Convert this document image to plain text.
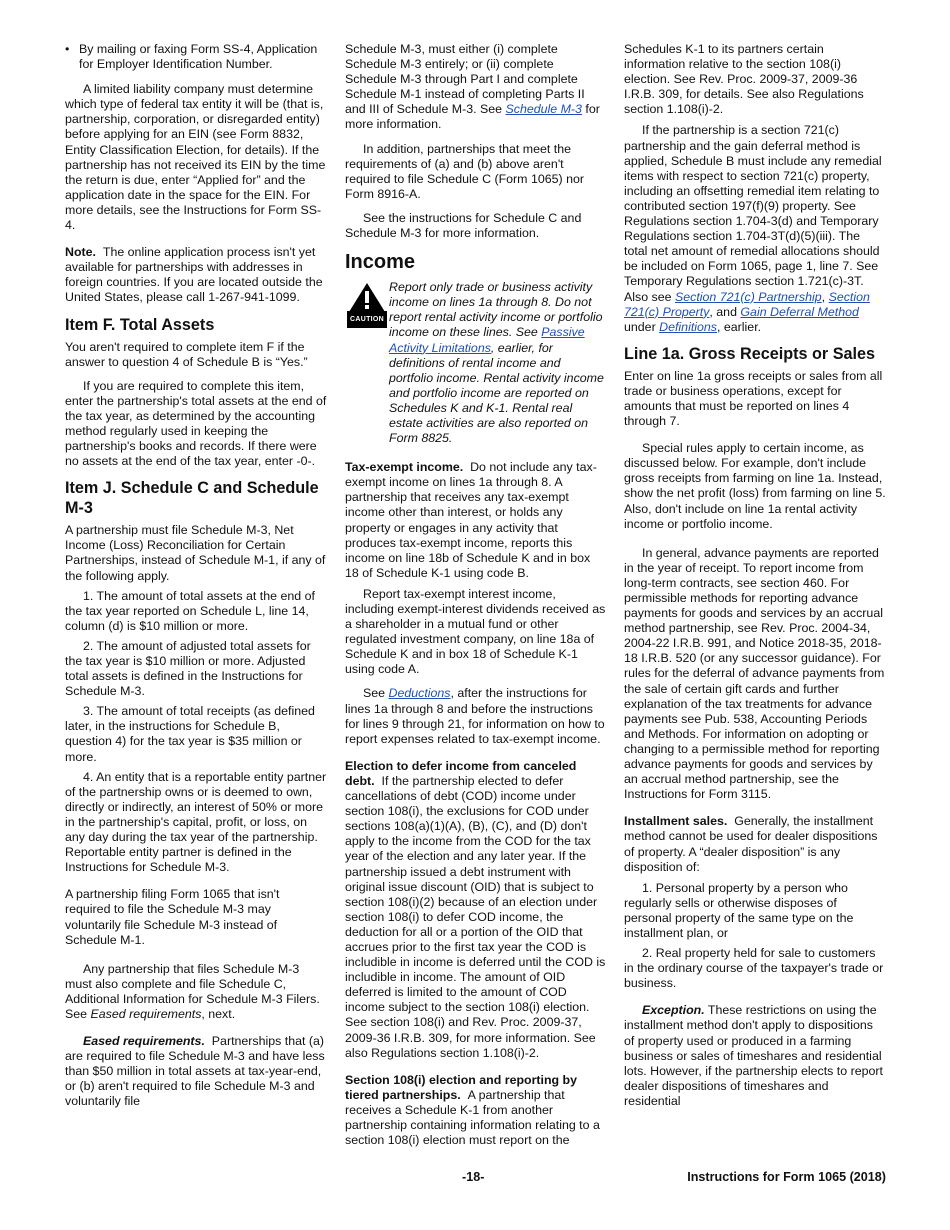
• By mailing or faxing Form SS-4, Application for Employer Identification Number.

A limited liability company must determine which type of federal tax entity it will be (that is, partnership, corporation, or disregarded entity) before applying for an EIN (see Form 8832, Entity Classification Election, for details). If the partnership has not received its EIN by the time the return is due, enter “Applied for” and the application date in the space for the EIN. For more details, see the Instructions for Form SS-4.

Note. The online application process isn't yet available for partnerships with addresses in foreign countries. If you are located outside the United States, please call 1-267-941-1099.

Item F. Total Assets

You aren't required to complete item F if the answer to question 4 of Schedule B is “Yes.”

If you are required to complete this item, enter the partnership's total assets at the end of the tax year, as determined by the accounting method regularly used in keeping the partnership's books and records. If there were no assets at the end of the tax year, enter -0-.

Item J. Schedule C and Schedule M-3

A partnership must file Schedule M-3, Net Income (Loss) Reconciliation for Certain Partnerships, instead of Schedule M-1, if any of the following apply.

1. The amount of total assets at the end of the tax year reported on Schedule L, line 14, column (d) is $10 million or more.

2. The amount of adjusted total assets for the tax year is $10 million or more. Adjusted total assets is defined in the Instructions for Schedule M-3.

3. The amount of total receipts (as defined later, in the instructions for Schedule B, question 4) for the tax year is $35 million or more.

4. An entity that is a reportable entity partner of the partnership owns or is deemed to own, directly or indirectly, an interest of 50% or more in the partnership's capital, profit, or loss, on any day during the tax year of the partnership. Reportable entity partner is defined in the Instructions for Schedule M-3.

A partnership filing Form 1065 that isn't required to file the Schedule M-3 may voluntarily file Schedule M-3 instead of Schedule M-1.

Any partnership that files Schedule M-3 must also complete and file Schedule C, Additional Information for Schedule M-3 Filers. See Eased requirements, next.

Eased requirements. Partnerships that (a) are required to file Schedule M-3 and have less than $50 million in total assets at tax-year-end, or (b) aren't required to file Schedule M-3 and voluntarily file

Schedule M-3, must either (i) complete Schedule M-3 entirely; or (ii) complete Schedule M-3 through Part I and complete Schedule M-1 instead of completing Parts II and III of Schedule M-3. See Schedule M-3 for more information.

In addition, partnerships that meet the requirements of (a) and (b) above aren't required to file Schedule C (Form 1065) nor Form 8916-A.

See the instructions for Schedule C and Schedule M-3 for more information.

Income
CAUTION
Report only trade or business activity income on lines 1a through 8. Do not report rental activity income or portfolio income on these lines. See Passive Activity Limitations, earlier, for definitions of rental income and portfolio income. Rental activity income and portfolio income are reported on Schedules K and K-1. Rental real estate activities are also reported on Form 8825.

Tax-exempt income. Do not include any tax-exempt income on lines 1a through 8. A partnership that receives any tax-exempt income other than interest, or holds any property or engages in any activity that produces tax-exempt income, reports this income on line 18b of Schedule K and in box 18 of Schedule K-1 using code B.

Report tax-exempt interest income, including exempt-interest dividends received as a shareholder in a mutual fund or other regulated investment company, on line 18a of Schedule K and in box 18 of Schedule K-1 using code A.

See Deductions, after the instructions for lines 1a through 8 and before the instructions for lines 9 through 21, for information on how to report expenses related to tax-exempt income.

Election to defer income from canceled debt. If the partnership elected to defer cancellations of debt (COD) income under section 108(i), the exclusions for COD under sections 108(a)(1)(A), (B), (C), and (D) don't apply to the income from the COD for the tax year of the election and any later year. If the partnership issued a debt instrument with original issue discount (OID) that is subject to section 108(i)(2) because of an election under section 108(i) to defer COD income, the deduction for all or a portion of the OID that accrues prior to the first tax year the COD is includible in income is deferred until the COD is includible in income. The amount of OID deferred is limited to the amount of COD income subject to the section 108(i) election. See section 108(i) and Rev. Proc. 2009-37, 2009-36 I.R.B. 309, for more information. See also Regulations section 1.108(i)-2.

Section 108(i) election and reporting by tiered partnerships. A partnership that receives a Schedule K-1 from another partnership containing information relating to a section 108(i) election must report on the

Schedules K-1 to its partners certain information relative to the section 108(i) election. See Rev. Proc. 2009-37, 2009-36 I.R.B. 309, for details. See also Regulations section 1.108(i)-2.

If the partnership is a section 721(c) partnership and the gain deferral method is applied, Schedule B must include any remedial items with respect to section 721(c) property, including an offsetting remedial item relating to contributed section 197(f)(9) property. See Regulations section 1.704-3(d) and Temporary Regulations section 1.704-3T(d)(5)(iii). The total net amount of remedial allocations should be included on Form 1065, page 1, line 7. See Temporary Regulations section 1.721(c)-3T. Also see Section 721(c) Partnership, Section 721(c) Property, and Gain Deferral Method under Definitions, earlier.

Line 1a. Gross Receipts or Sales

Enter on line 1a gross receipts or sales from all trade or business operations, except for amounts that must be reported on lines 4 through 7.

Special rules apply to certain income, as discussed below. For example, don't include gross receipts from farming on line 1a. Instead, show the net profit (loss) from farming on line 5. Also, don't include on line 1a rental activity income or portfolio income.

In general, advance payments are reported in the year of receipt. To report income from long-term contracts, see section 460. For permissible methods for reporting advance payments for goods and services by an accrual method partnership, see Rev. Proc. 2004-34, 2004-22 I.R.B. 991, and Notice 2018-35, 2018-18 I.R.B. 520 (or any successor guidance). For rules for the deferral of advance payments from the sale of certain gift cards and further explanation of the tax treatments for advance payments see Pub. 538, Accounting Periods and Methods. For information on adopting or changing to a permissible method for reporting advance payments for goods and services by an accrual method partnership, see the Instructions for Form 3115.

Installment sales. Generally, the installment method cannot be used for dealer dispositions of property. A “dealer disposition” is any disposition of:

1. Personal property by a person who regularly sells or otherwise disposes of personal property of the same type on the installment plan, or

2. Real property held for sale to customers in the ordinary course of the taxpayer's trade or business.

Exception. These restrictions on using the installment method don't apply to dispositions of property used or produced in a farming business or sales of timeshares and residential lots. However, if the partnership elects to report dealer dispositions of timeshares and residential

-18-	Instructions for Form 1065 (2018)
